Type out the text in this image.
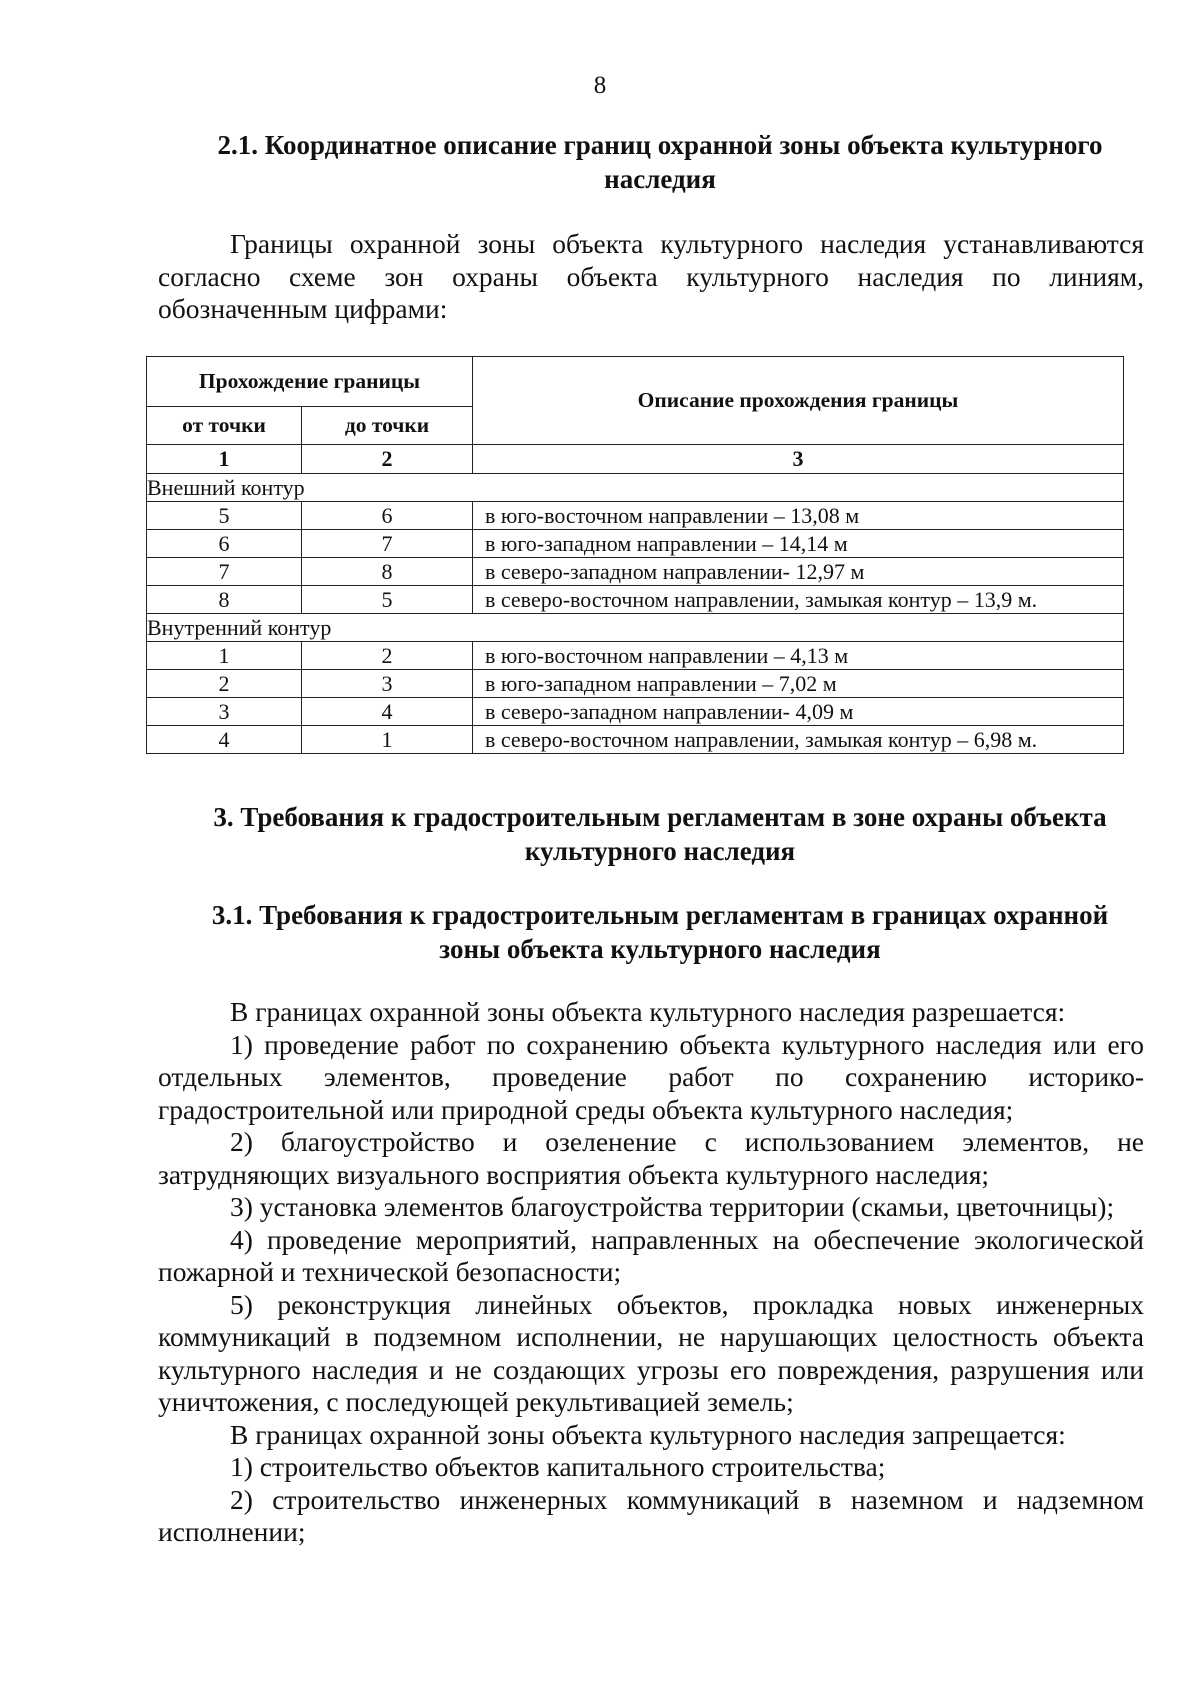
8
2.1. Координатное описание границ охранной зоны объекта культурного
наследия
Границы охранной зоны объекта культурного наследия устанавливаются
согласно схеме зон охраны объекта культурного наследия по линиям,
обозначенным цифрами:
Прохождение границы		Описание прохождения границы
от точки	до точки	
1	2	3
Внешний контур		
5	6	в юго-восточном направлении – 13,08 м
6	7	в юго-западном направлении – 14,14 м
7	8	в северо-западном направлении- 12,97 м
8	5	в северо-восточном направлении, замыкая контур – 13,9 м.
Внутренний контур		
1	2	в юго-восточном направлении – 4,13 м
2	3	в юго-западном направлении – 7,02 м
3	4	в северо-западном направлении- 4,09 м
4	1	в северо-восточном направлении, замыкая контур – 6,98 м.
3. Требования к градостроительным регламентам в зоне охраны объекта
культурного наследия
3.1. Требования к градостроительным регламентам в границах охранной
зоны объекта культурного наследия
В границах охранной зоны объекта культурного наследия разрешается:
1) проведение работ по сохранению объекта культурного наследия или его отдельных элементов, проведение работ по сохранению историко-градостроительной или природной среды объекта культурного наследия;
2) благоустройство и озеленение с использованием элементов, не затрудняющих визуального восприятия объекта культурного наследия;
3) установка элементов благоустройства территории (скамьи, цветочницы);
4) проведение мероприятий, направленных на обеспечение экологической пожарной и технической безопасности;
5) реконструкция линейных объектов, прокладка новых инженерных коммуникаций в подземном исполнении, не нарушающих целостность объекта культурного наследия и не создающих угрозы его повреждения, разрушения или уничтожения, с последующей рекультивацией земель;
В границах охранной зоны объекта культурного наследия запрещается:
1) строительство объектов капитального строительства;
2) строительство инженерных коммуникаций в наземном и надземном исполнении;
